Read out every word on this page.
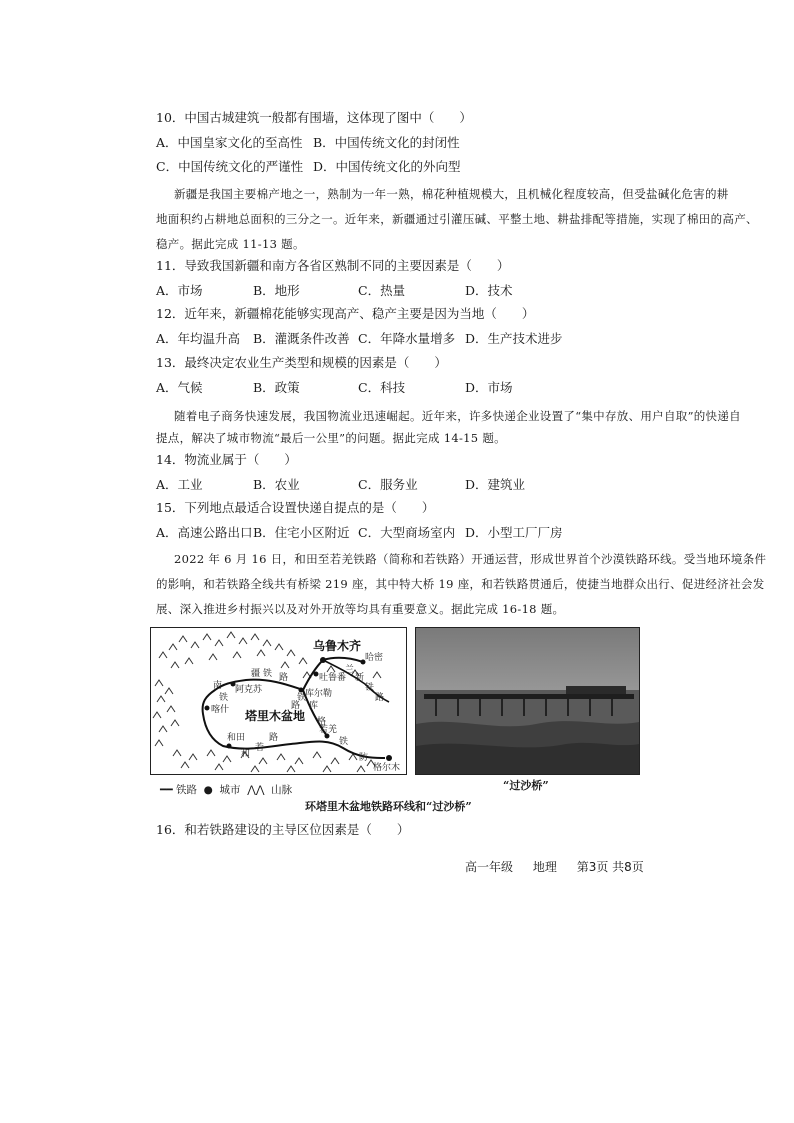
10．中国古城建筑一般都有围墙，这体现了图中（　　）
A．中国皇家文化的至高性 B．中国传统文化的封闭性
C．中国传统文化的严谨性 D．中国传统文化的外向型
新疆是我国主要棉产地之一，熟制为一年一熟，棉花种植规模大，且机械化程度较高，但受盐碱化危害的耕
地面积约占耕地总面积的三分之一。近年来，新疆通过引灌压碱、平整土地、耕盐排配等措施，实现了棉田的高产、
稳产。据此完成 11-13 题。
11．导致我国新疆和南方各省区熟制不同的主要因素是（　　）
A．市场	B．地形	C．热量	D．技术
12．近年来，新疆棉花能够实现高产、稳产主要是因为当地（　　）
A．年均温升高 B．灌溉条件改善 C．年降水量增多 D．生产技术进步
13．最终决定农业生产类型和规模的因素是（　　）
A．气候	B．政策	C．科技	D．市场
随着电子商务快速发展，我国物流业迅速崛起。近年来，许多快递企业设置了“集中存放、用户自取”的快递自
提点，解决了城市物流“最后一公里”的问题。据此完成 14-15 题。
14．物流业属于（　　）
A．工业	B．农业	C．服务业	D．建筑业
15．下列地点最适合设置快递自提点的是（　　）
A．高速公路出口 B．住宅小区附近 C．大型商场室内 D．小型工厂厂房
2022 年 6 月 16 日，和田至若羌铁路（简称和若铁路）开通运营，形成世界首个沙漠铁路环线。受当地环境条件
的影响，和若铁路全线共有桥梁 219 座，其中特大桥 19 座，和若铁路贯通后，使捷当地群众出行、促进经济社会发
展、深入推进乡村振兴以及对外开放等均具有重要意义。据此完成 16-18 题。
乌鲁木齐
吐鲁番
哈密
库尔勒
阿克苏
喀什
和田
若羌
格尔木
塔里木盆地
南
疆 铁 路
库
格
路
兰
新
铁
路
和
若
铁
防
铁
路
铁
━━ 铁路  ●  城市  ⋀⋀  山脉	“过沙桥”
环塔里木盆地铁路环线和“过沙桥”
16．和若铁路建设的主导区位因素是（　　）
高一年级 地理 第3页 共8页
